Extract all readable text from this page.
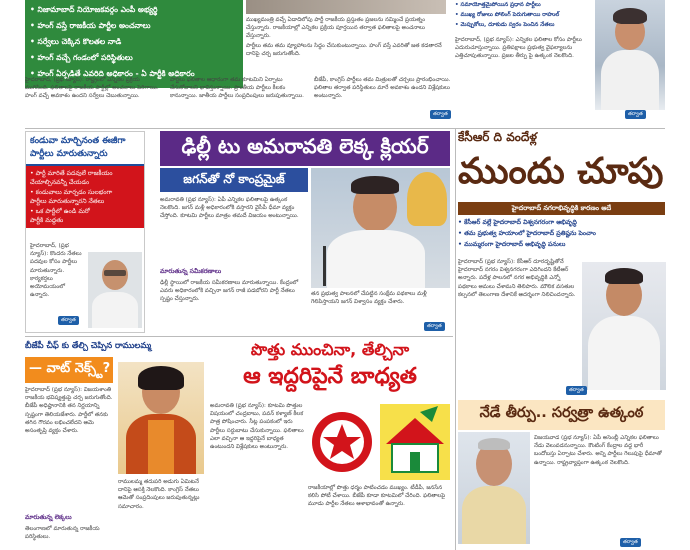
• నిజామాబాద్ నియోజకవర్గం ఎంపీ అభ్యర్థి
• హంగ్ వస్తే రాజకీయ పార్టీల అంచనాలు
• సర్వేలు చెక్కిన కొలతల నాడి
• హంగ్ వచ్చే గండంలో పరిస్థితులు
• హంగ్ ఏర్పడితే ఎవరిది అధికారం - ఏ పార్టీకి అధికారం

ముఖ్యమంత్రి వచ్చే ఏడాదిలోపు పార్టీ రాజకీయ ప్రస్తుతం ప్రజలను నమ్మించే ప్రయత్నం చేస్తున్నారు. రాజకీయాల్లో ఎన్నికల ప్రక్రియ పూర్తయిన తర్వాత ఫలితాలపై అంచనాలు వేస్తున్నారు.

పార్టీలు తమ తమ వ్యూహాలను సిద్ధం చేసుకుంటున్నాయి. హంగ్ వస్తే ఎవరితో జత కడతారనే దానిపై చర్చ జరుగుతోంది.

• సమాయోత్తమైపోయిన ప్రధాన పార్టీలు
• ముఖ్య రోజులు పోలింగ్ పెరుగుతాయి రాహుల్
• మెప్పుకోలు, దూకుడు స్వరం పెంచిన నేతలు

హైదరాబాద్, (ప్రభ న్యూస్): ఎన్నికల ఫలితాల కోసం పార్టీలు ఎదురుచూస్తున్నాయి. ప్రతిపక్షాలు ప్రభుత్వ వైఫల్యాలను ఎత్తిచూపుతున్నాయి. ప్రజల తీర్పు పై ఉత్కంఠ నెలకొంది.

హైదరాబాద్, (ప్రభ న్యూస్): రాష్ట్రంలో ఎన్నికల ప్రక్రియ ముగిసింది. ఫలితాలపై రాజకీయ పార్టీల్లో అంచనాలు పెరిగాయి. హంగ్ వచ్చే అవకాశం ఉందని సర్వేలు చెబుతున్నాయి.

పార్టీలు ఫలితాల ఆధారంగా తమ కూటమిని ఏర్పాటు చేసుకోవాలని భావిస్తున్నాయి. ప్రాంతీయ పార్టీలు కీలకం కానున్నాయి. జాతీయ పార్టీలు సంప్రదింపులు జరుపుతున్నాయి.

బీజేపీ, కాంగ్రెస్ పార్టీలు తమ మిత్రులతో చర్చలు ప్రారంభించాయి. ఫలితాల తర్వాత పరిస్థితులు మారే అవకాశం ఉందని విశ్లేషకులు అంటున్నారు.

తర్వాత	తర్వాత
కండువా మార్చినంత ఈజీగా
పార్టీలు మారుతున్నారు
• పార్టీ మారితే పదవులే రాజకీయం
చేయాల్సినవన్నీ చేయడం
• కండువాలు మార్చడం సులభంగా
పార్టీలు మారుతున్నారని నేతలు
• ఒక పార్టీలో ఉండి మరో
పార్టీకి మద్దతు

హైదరాబాద్, (ప్రభ న్యూస్): కొందరు నేతలు పదవుల కోసం పార్టీలు మారుతున్నారు. కార్యకర్తలు అయోమయంలో ఉన్నారు.

తర్వాత
ఢిల్లీ టు అమరావతి లెక్క క్లియర్
జగన్‌తో నో కాంప్రమైజ్

అమరావతి (ప్రభ న్యూస్): ఏపీ ఎన్నికల ఫలితాలపై ఉత్కంఠ నెలకొంది. జగన్ మళ్లీ అధికారంలోకి వస్తారని వైసీపీ ధీమా వ్యక్తం చేస్తోంది. కూటమి పార్టీలు మాత్రం తమదే విజయం అంటున్నాయి.

మారుతున్న సమీకరణాలు

ఢిల్లీ స్థాయిలో రాజకీయ సమీకరణాలు మారుతున్నాయి. కేంద్రంలో ఎవరు అధికారంలోకి వచ్చినా జగన్ రాజీ పడబోరని పార్టీ నేతలు స్పష్టం చేస్తున్నారు.

తన ప్రభుత్వ పాలనలో చేపట్టిన సంక్షేమ పథకాలు మళ్లీ గెలిపిస్తాయని జగన్ విశ్వాసం వ్యక్తం చేశారు.

తర్వాత
కేసీఆర్ ది వందేళ్ల
ముందు చూపు
హైదరాబాద్ నగరాభివృద్ధికి కారణం ఆదే
• కేసీఆర్ వల్లే హైదరాబాద్ విశ్వనగరంగా అభివృద్ధి
• తమ ప్రభుత్వ హయాంలో హైదరాబాద్ ప్రతిష్టను పెంచాం
• ముమ్మరంగా హైదరాబాద్ అభివృద్ధి పనులు

హైదరాబాద్ (ప్రభ న్యూస్): కేసీఆర్ దూరదృష్టితోనే హైదరాబాద్ నగరం విశ్వనగరంగా ఎదిగిందని కేటీఆర్ అన్నారు. పదేళ్ల పాలనలో నగర అభివృద్ధికి ఎన్నో పథకాలు అమలు చేశామని తెలిపారు. మౌలిక వసతుల కల్పనలో తెలంగాణ దేశానికే ఆదర్శంగా నిలిచిందన్నారు.

తర్వాత
బీజేపీ చీఫ్ కు తేల్చి చెప్పిన రాములమ్మ
— వాట్ నెక్స్ట్?

హైదరాబాద్ (ప్రభ న్యూస్): విజయశాంతి రాజకీయ భవిష్యత్తుపై చర్చ జరుగుతోంది. బీజేపీ అధిష్టానానికి తన నిర్ణయాన్ని స్పష్టంగా తెలియజేశారు. పార్టీలో తనకు తగిన గౌరవం లభించలేదని ఆమె అసంతృప్తి వ్యక్తం చేశారు.

మారుతున్న లెక్కలు

తెలంగాణలో మారుతున్న రాజకీయ పరిస్థితులు.

రాములమ్మ తదుపరి అడుగు ఏమిటనే దానిపై ఆసక్తి నెలకొంది. కాంగ్రెస్ నేతలు ఆమెతో సంప్రదింపులు జరుపుతున్నట్లు సమాచారం.

పొత్తు ముంచినా, తేల్చినా
ఆ ఇద్దరిపైనే బాధ్యత

అమరావతి (ప్రభ న్యూస్): కూటమి పొత్తుల విషయంలో చంద్రబాబు, పవన్ కళ్యాణ్ కీలక పాత్ర పోషించారు. సీట్ల పంపకంలో ఇరు పార్టీలు సర్దుబాటు చేసుకున్నాయి. ఫలితాలు ఎలా వచ్చినా ఆ ఇద్దరిపైనే బాధ్యత ఉంటుందని విశ్లేషకులు అంటున్నారు.

రాజకీయాల్లో పొత్తు ధర్మం పాటించడం ముఖ్యం. టీడీపీ, జనసేన కలిసి పోటీ చేశాయి. బీజేపీ కూడా కూటమిలో చేరింది. ఫలితాలపై మూడు పార్టీల నేతలు ఆశాభావంతో ఉన్నారు.

నేడే తీర్పు.. సర్వత్రా ఉత్కంఠ

విజయవాడ (ప్రభ న్యూస్): ఏపీ అసెంబ్లీ ఎన్నికల ఫలితాలు నేడు వెలువడనున్నాయి. కౌంటింగ్ కేంద్రాల వద్ద భారీ బందోబస్తు ఏర్పాటు చేశారు. అన్ని పార్టీలు గెలుపుపై ధీమాతో ఉన్నాయి. రాష్ట్రవ్యాప్తంగా ఉత్కంఠ నెలకొంది.

తర్వాత
